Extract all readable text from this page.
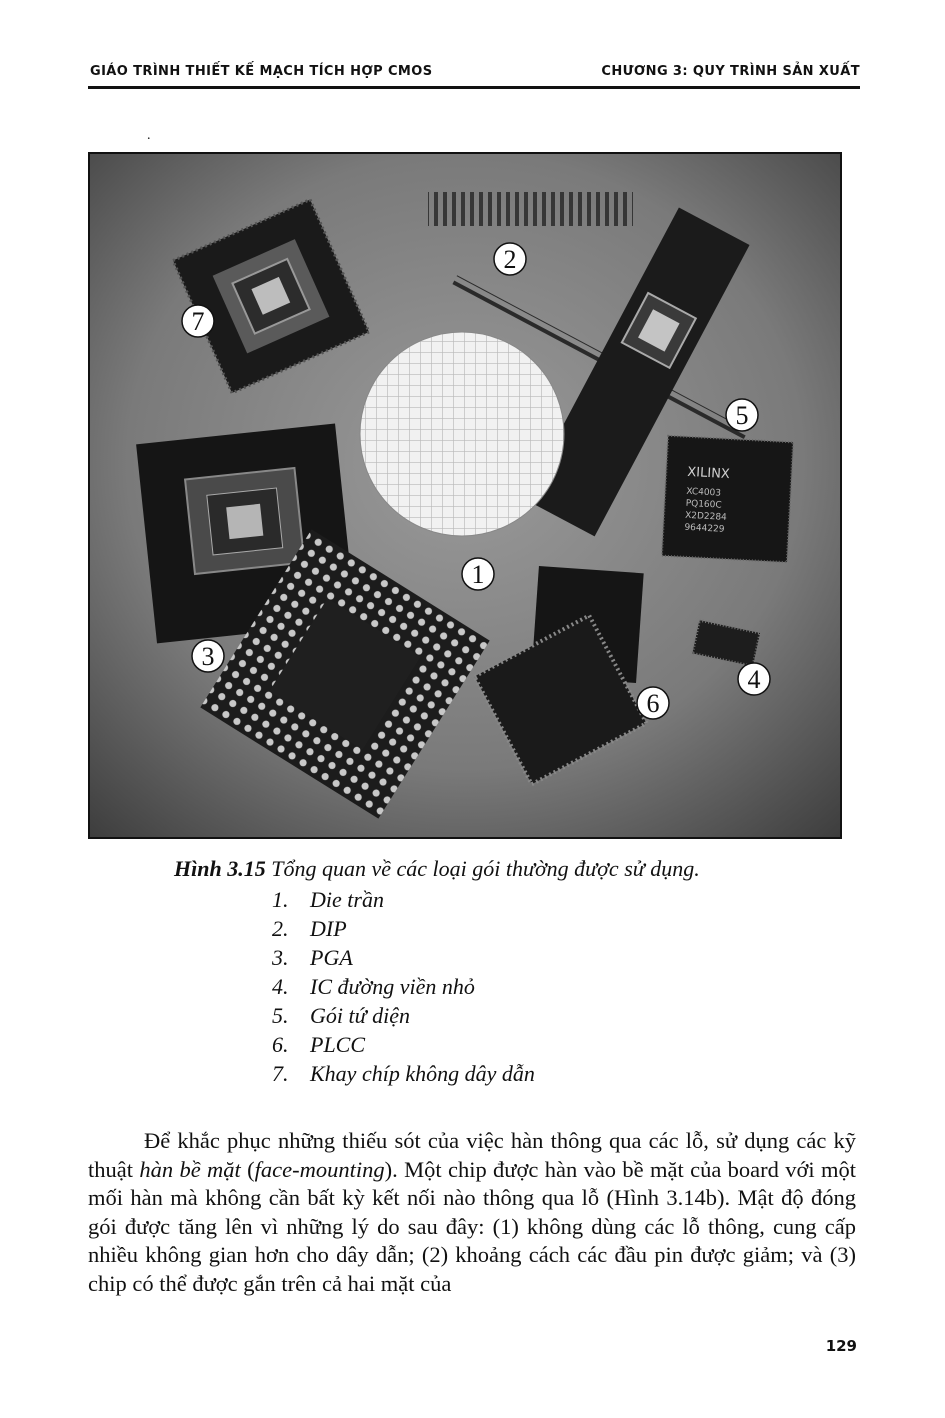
GIÁO TRÌNH THIẾT KẾ MẠCH TÍCH HỢP CMOS	CHƯƠNG 3: QUY TRÌNH SẢN XUẤT
.
XILINX
XC4003
PQ160C
X2D2284
9644229
1
2
3
4
5
6
7
Hình 3.15 Tổng quan về các loại gói thường được sử dụng.
1. Die trần
2. DIP
3. PGA
4. IC đường viền nhỏ
5. Gói tứ diện
6. PLCC
7. Khay chíp không dây dẫn

Để khắc phục những thiếu sót của việc hàn thông qua các lỗ, sử dụng các kỹ thuật hàn bề mặt (face-mounting). Một chip được hàn vào bề mặt của board với một mối hàn mà không cần bất kỳ kết nối nào thông qua lỗ (Hình 3.14b). Mật độ đóng gói được tăng lên vì những lý do sau đây: (1) không dùng các lỗ thông, cung cấp nhiều không gian hơn cho dây dẫn; (2) khoảng cách các đầu pin được giảm; và (3) chip có thể được gắn trên cả hai mặt của

129
